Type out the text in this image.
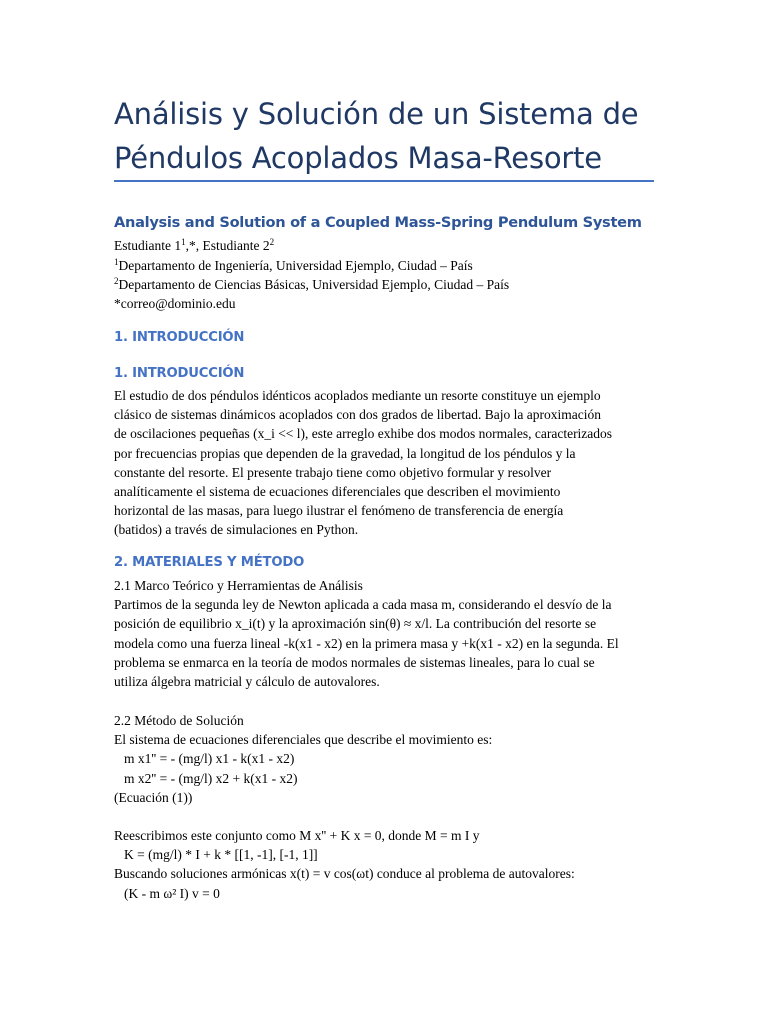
Análisis y Solución de un Sistema de
Péndulos Acoplados Masa-Resorte
Analysis and Solution of a Coupled Mass-Spring Pendulum System
Estudiante $1^1,*$, Estudiante $2^2$
$^1$Departamento de Ingeniería, Universidad Ejemplo, Ciudad – País
$^2$Departamento de Ciencias Básicas, Universidad Ejemplo, Ciudad – País
*correo@dominio.edu
1. INTRODUCCIÓN
1. INTRODUCCIÓN

El estudio de dos péndulos idénticos acoplados mediante un resorte constituye un ejemplo
clásico de sistemas dinámicos acoplados con dos grados de libertad. Bajo la aproximación
de oscilaciones pequeñas (x_i << l), este arreglo exhibe dos modos normales, caracterizados
por frecuencias propias que dependen de la gravedad, la longitud de los péndulos y la
constante del resorte. El presente trabajo tiene como objetivo formular y resolver
analíticamente el sistema de ecuaciones diferenciales que describen el movimiento
horizontal de las masas, para luego ilustrar el fenómeno de transferencia de energía
(batidos) a través de simulaciones en Python.

2. MATERIALES Y MÉTODO

2.1 Marco Teórico y Herramientas de Análisis
Partimos de la segunda ley de Newton aplicada a cada masa m, considerando el desvío de la
posición de equilibrio x_i(t) y la aproximación sin(θ) ≈ x/l. La contribución del resorte se
modela como una fuerza lineal -k(x1 - x2) en la primera masa y +k(x1 - x2) en la segunda. El
problema se enmarca en la teoría de modos normales de sistemas lineales, para lo cual se
utiliza álgebra matricial y cálculo de autovalores.

2.2 Método de Solución
El sistema de ecuaciones diferenciales que describe el movimiento es:
m x1'' = - (mg/l) x1 - k(x1 - x2)
m x2'' = - (mg/l) x2 + k(x1 - x2)
(Ecuación (1))

Reescribimos este conjunto como M x'' + K x = 0, donde M = m I y
K = (mg/l) * I + k * [[1, -1], [-1, 1]]
Buscando soluciones armónicas x(t) = v cos(ωt) conduce al problema de autovalores:
(K - m ω² I) v = 0
